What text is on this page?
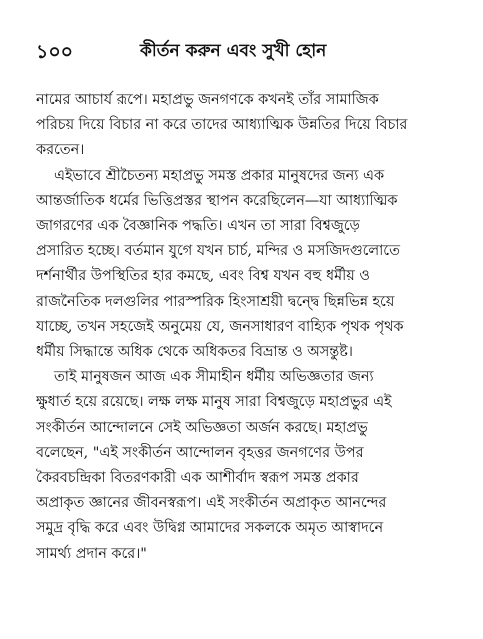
১০০	কীর্তন করুন এবং সুখী হোন

নামের আচার্য রূপে। মহাপ্রভু জনগণকে কখনই তাঁর সামাজিক
পরিচয় দিয়ে বিচার না করে তাদের আধ্যাত্মিক উন্নতির দিয়ে বিচার
করতেন।

এইভাবে শ্রীচৈতন্য মহাপ্রভু সমস্ত প্রকার মানুষদের জন্য এক
আন্তর্জাতিক ধর্মের ভিত্তিপ্রস্তর স্থাপন করেছিলেন—যা আধ্যাত্মিক
জাগরণের এক বৈজ্ঞানিক পদ্ধতি। এখন তা সারা বিশ্বজুড়ে
প্রসারিত হচ্ছে। বর্তমান যুগে যখন চার্চ, মন্দির ও মসজিদগুলোতে
দর্শনার্থীর উপস্থিতির হার কমছে, এবং বিশ্ব যখন বহু ধর্মীয় ও
রাজনৈতিক দলগুলির পারস্পরিক হিংসাশ্রয়ী দ্বন্দ্বে ছিন্নভিন্ন হয়ে
যাচ্ছে, তখন সহজেই অনুমেয় যে, জনসাধারণ বাহ্যিক পৃথক পৃথক
ধর্মীয় সিদ্ধান্তে অধিক থেকে অধিকতর বিভ্রান্ত ও অসন্তুষ্ট।

তাই মানুষজন আজ এক সীমাহীন ধর্মীয় অভিজ্ঞতার জন্য
ক্ষুধার্ত হয়ে রয়েছে। লক্ষ লক্ষ মানুষ সারা বিশ্বজুড়ে মহাপ্রভুর এই
সংকীর্তন আন্দোলনে সেই অভিজ্ঞতা অর্জন করছে। মহাপ্রভু
বলেছেন, "এই সংকীর্তন আন্দোলন বৃহত্তর জনগণের উপর
কৈরবচন্দ্রিকা বিতরণকারী এক আশীর্বাদ স্বরূপ সমস্ত প্রকার
অপ্রাকৃত জ্ঞানের জীবনস্বরূপ। এই সংকীর্তন অপ্রাকৃত আনন্দের
সমুদ্র বৃদ্ধি করে এবং উদ্বিগ্ন আমাদের সকলকে অমৃত আস্বাদনে
সামর্থ্য প্রদান করে।"
